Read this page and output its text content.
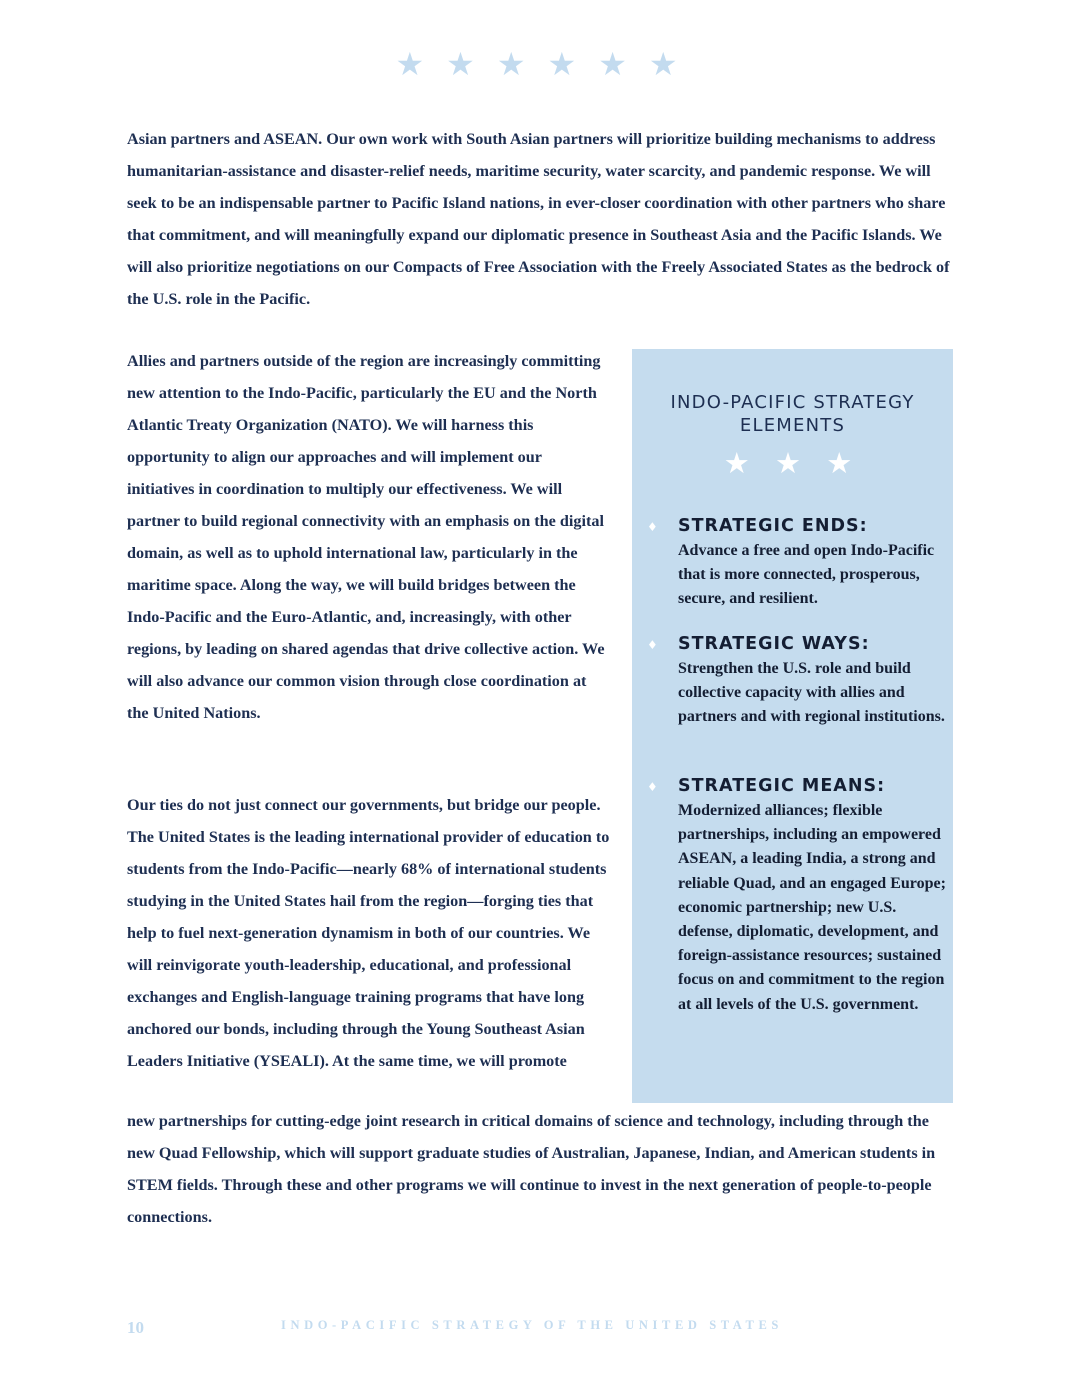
★ ★ ★ ★ ★ ★

Asian partners and ASEAN. Our own work with South Asian partners will prioritize building mechanisms to address humanitarian-assistance and disaster-relief needs, maritime security, water scarcity, and pandemic response. We will seek to be an indispensable partner to Pacific Island nations, in ever-closer coordination with other partners who share that commitment, and will meaningfully expand our diplomatic presence in Southeast Asia and the Pacific Islands. We will also prioritize negotiations on our Compacts of Free Association with the Freely Associated States as the bedrock of the U.S. role in the Pacific.

Allies and partners outside of the region are increasingly committing new attention to the Indo-Pacific, particularly the EU and the North Atlantic Treaty Organization (NATO). We will harness this opportunity to align our approaches and will implement our initiatives in coordination to multiply our effectiveness. We will partner to build regional connectivity with an emphasis on the digital domain, as well as to uphold international law, particularly in the maritime space. Along the way, we will build bridges between the Indo-Pacific and the Euro-Atlantic, and, increasingly, with other regions, by leading on shared agendas that drive collective action. We will also advance our common vision through close coordination at the United Nations.

Our ties do not just connect our governments, but bridge our people. The United States is the leading international provider of education to students from the Indo-Pacific—nearly 68% of international students studying in the United States hail from the region—forging ties that help to fuel next-generation dynamism in both of our countries. We will reinvigorate youth-leadership, educational, and professional exchanges and English-language training programs that have long anchored our bonds, including through the Young Southeast Asian Leaders Initiative (YSEALI). At the same time, we will promote

new partnerships for cutting-edge joint research in critical domains of science and technology, including through the new Quad Fellowship, which will support graduate studies of Australian, Japanese, Indian, and American students in STEM fields. Through these and other programs we will continue to invest in the next generation of people-to-people connections.

INDO-PACIFIC STRATEGY ELEMENTS
★ ★ ★
♦ STRATEGIC ENDS:

Advance a free and open Indo-Pacific that is more connected, prosperous, secure, and resilient.

♦ STRATEGIC WAYS:

Strengthen the U.S. role and build collective capacity with allies and partners and with regional institutions.

♦ STRATEGIC MEANS:

Modernized alliances; flexible partnerships, including an empowered ASEAN, a leading India, a strong and reliable Quad, and an engaged Europe; economic partnership; new U.S. defense, diplomatic, development, and foreign-assistance resources; sustained focus on and commitment to the region at all levels of the U.S. government.

10	INDO-PACIFIC STRATEGY OF THE UNITED STATES
